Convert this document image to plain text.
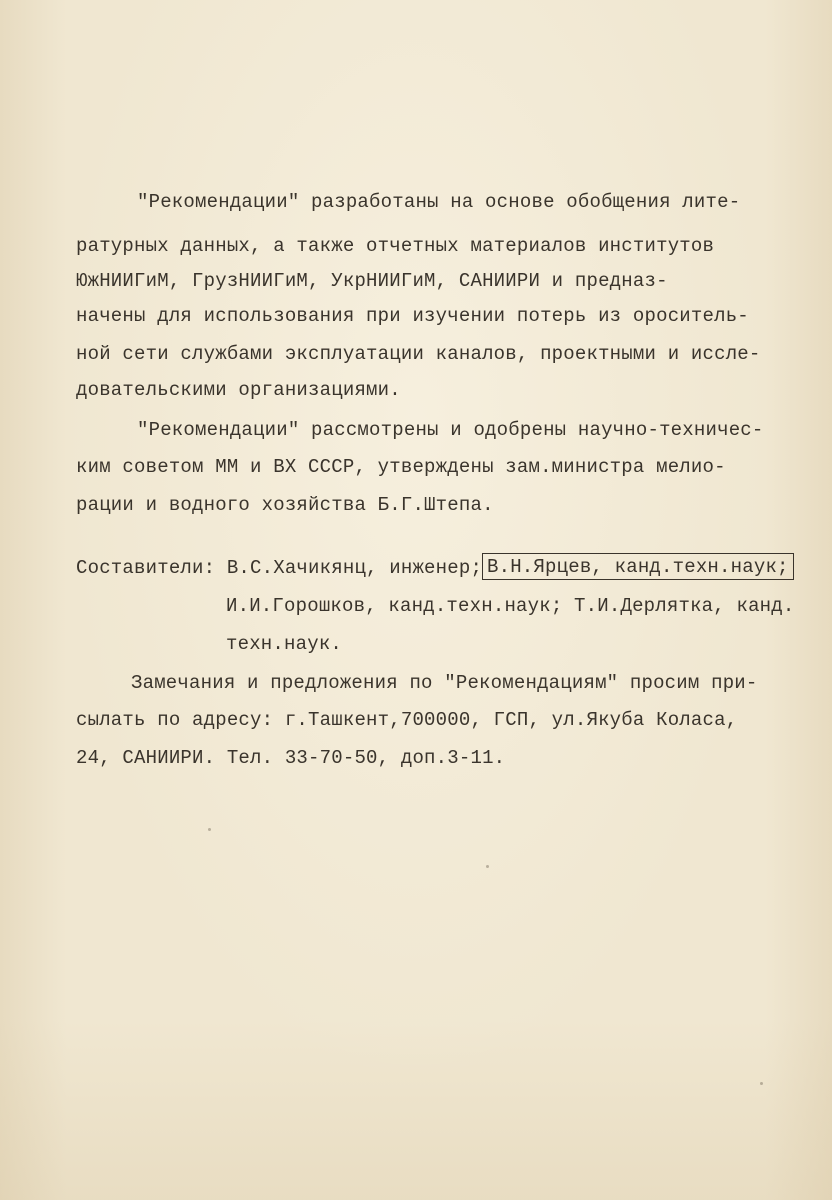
"Рекомендации" разработаны на основе обобщения лите-
ратурных данных, а также отчетных материалов институтов
ЮжНИИГиМ, ГрузНИИГиМ, УкрНИИГиМ, САНИИРИ и предназ-
начены для использования при изучении потерь из ороситель-
ной сети службами эксплуатации каналов, проектными и иссле-
довательскими организациями.
"Рекомендации" рассмотрены и одобрены научно-техничес-
ким советом ММ и ВХ СССР, утверждены зам.министра мелио-
рации и водного хозяйства Б.Г.Штепа.
Составители: В.С.Хачикянц, инженер; В.Н.Ярцев, канд.техн.наук;
И.И.Горошков, канд.техн.наук; Т.И.Дерлятка, канд.
техн.наук.
Замечания и предложения по "Рекомендациям" просим при-
сылать по адресу: г.Ташкент,700000, ГСП, ул.Якуба Коласа,
24, САНИИРИ. Тел. 33-70-50, доп.3-11.
